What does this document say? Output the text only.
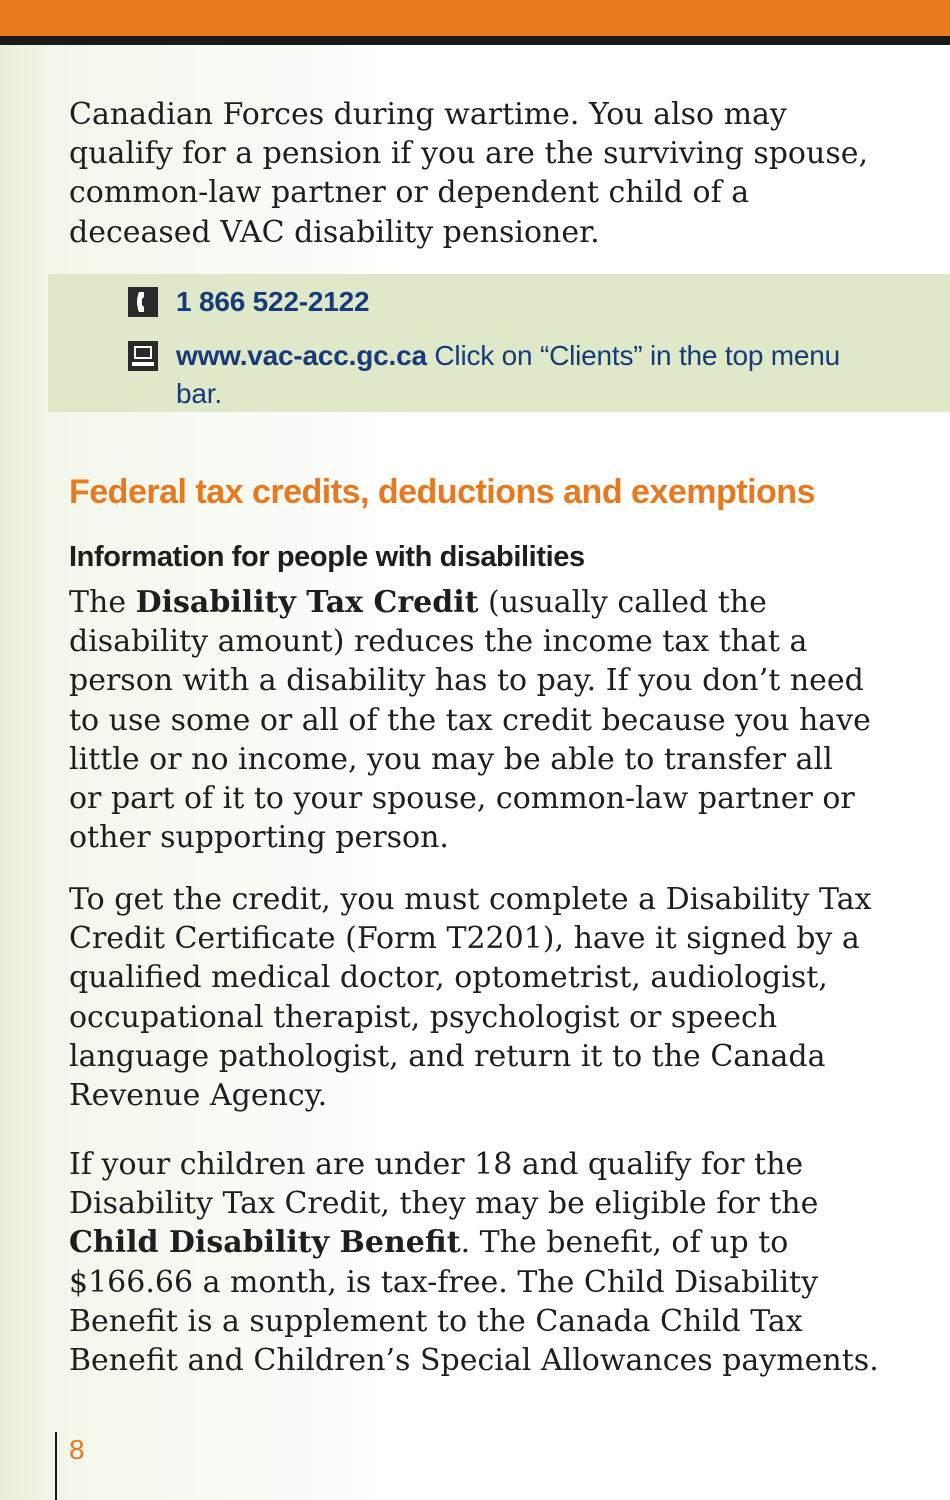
Canadian Forces during wartime. You also may
qualify for a pension if you are the surviving spouse,
common-law partner or dependent child of a
deceased VAC disability pensioner.
1 866 522-2122
www.vac-acc.gc.ca Click on “Clients” in the top menu
bar.
Federal tax credits, deductions and exemptions
Information for people with disabilities
The Disability Tax Credit (usually called the
disability amount) reduces the income tax that a
person with a disability has to pay. If you don’t need
to use some or all of the tax credit because you have
little or no income, you may be able to transfer all
or part of it to your spouse, common-law partner or
other supporting person.
To get the credit, you must complete a Disability Tax
Credit Certificate (Form T2201), have it signed by a
qualified medical doctor, optometrist, audiologist,
occupational therapist, psychologist or speech
language pathologist, and return it to the Canada
Revenue Agency.
If your children are under 18 and qualify for the
Disability Tax Credit, they may be eligible for the
Child Disability Benefit. The benefit, of up to
$166.66 a month, is tax-free. The Child Disability
Benefit is a supplement to the Canada Child Tax
Benefit and Children’s Special Allowances payments.
8
